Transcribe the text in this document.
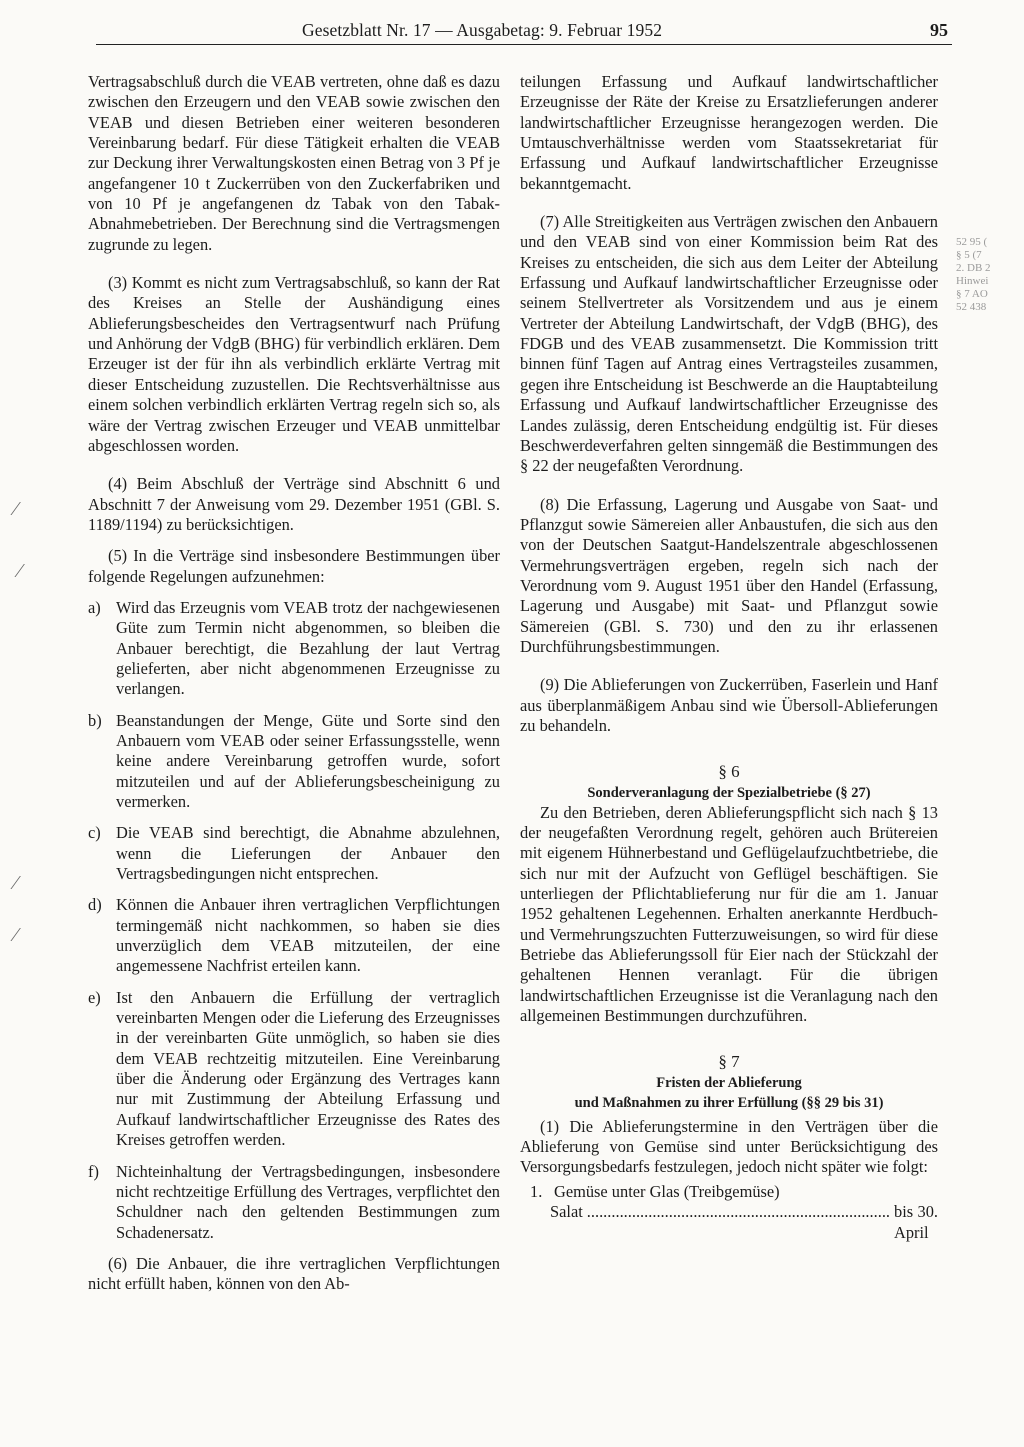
Gesetzblatt Nr. 17 — Ausgabetag: 9. Februar 1952	95

Vertragsabschluß durch die VEAB vertreten, ohne daß es dazu zwischen den Erzeugern und den VEAB sowie zwischen den VEAB und diesen Betrieben einer weiteren besonderen Vereinbarung bedarf. Für diese Tätigkeit erhalten die VEAB zur Deckung ihrer Verwaltungskosten einen Betrag von 3 Pf je angefangener 10 t Zuckerrüben von den Zuckerfabriken und von 10 Pf je angefangenen dz Tabak von den Tabak-Abnahmebetrieben. Der Berechnung sind die Vertragsmengen zugrunde zu legen.

(3) Kommt es nicht zum Vertragsabschluß, so kann der Rat des Kreises an Stelle der Aushändigung eines Ablieferungsbescheides den Vertragsentwurf nach Prüfung und Anhörung der VdgB (BHG) für verbindlich erklären. Dem Erzeuger ist der für ihn als verbindlich erklärte Vertrag mit dieser Entscheidung zuzustellen. Die Rechtsverhältnisse aus einem solchen verbindlich erklärten Vertrag regeln sich so, als wäre der Vertrag zwischen Erzeuger und VEAB unmittelbar abgeschlossen worden.

(4) Beim Abschluß der Verträge sind Abschnitt 6 und Abschnitt 7 der Anweisung vom 29. Dezember 1951 (GBl. S. 1189/1194) zu berücksichtigen.

(5) In die Verträge sind insbesondere Bestimmungen über folgende Regelungen aufzunehmen:

a) Wird das Erzeugnis vom VEAB trotz der nachgewiesenen Güte zum Termin nicht abgenommen, so bleiben die Anbauer berechtigt, die Bezahlung der laut Vertrag gelieferten, aber nicht abgenommenen Erzeugnisse zu verlangen.
b) Beanstandungen der Menge, Güte und Sorte sind den Anbauern vom VEAB oder seiner Erfassungsstelle, wenn keine andere Vereinbarung getroffen wurde, sofort mitzuteilen und auf der Ablieferungsbescheinigung zu vermerken.
c) Die VEAB sind berechtigt, die Abnahme abzulehnen, wenn die Lieferungen der Anbauer den Vertragsbedingungen nicht entsprechen.
d) Können die Anbauer ihren vertraglichen Verpflichtungen termingemäß nicht nachkommen, so haben sie dies unverzüglich dem VEAB mitzuteilen, der eine angemessene Nachfrist erteilen kann.
e) Ist den Anbauern die Erfüllung der vertraglich vereinbarten Mengen oder die Lieferung des Erzeugnisses in der vereinbarten Güte unmöglich, so haben sie dies dem VEAB rechtzeitig mitzuteilen. Eine Vereinbarung über die Änderung oder Ergänzung des Vertrages kann nur mit Zustimmung der Abteilung Erfassung und Aufkauf landwirtschaftlicher Erzeugnisse des Rates des Kreises getroffen werden.
f)	Nichteinhaltung der Vertragsbedingungen, insbesondere nicht rechtzeitige Erfüllung des Vertrages, verpflichtet den Schuldner nach den geltenden Bestimmungen zum Schadenersatz.

(6) Die Anbauer, die ihre vertraglichen Verpflichtungen nicht erfüllt haben, können von den Ab-

teilungen Erfassung und Aufkauf landwirtschaftlicher Erzeugnisse der Räte der Kreise zu Ersatzlieferungen anderer landwirtschaftlicher Erzeugnisse herangezogen werden. Die Umtauschverhältnisse werden vom Staatssekretariat für Erfassung und Aufkauf landwirtschaftlicher Erzeugnisse bekanntgemacht.

(7) Alle Streitigkeiten aus Verträgen zwischen den Anbauern und den VEAB sind von einer Kommission beim Rat des Kreises zu entscheiden, die sich aus dem Leiter der Abteilung Erfassung und Aufkauf landwirtschaftlicher Erzeugnisse oder seinem Stellvertreter als Vorsitzendem und aus je einem Vertreter der Abteilung Landwirtschaft, der VdgB (BHG), des FDGB und des VEAB zusammensetzt. Die Kommission tritt binnen fünf Tagen auf Antrag eines Vertragsteiles zusammen, gegen ihre Entscheidung ist Beschwerde an die Hauptabteilung Erfassung und Aufkauf landwirtschaftlicher Erzeugnisse des Landes zulässig, deren Entscheidung endgültig ist. Für dieses Beschwerdeverfahren gelten sinngemäß die Bestimmungen des § 22 der neugefaßten Verordnung.

(8) Die Erfassung, Lagerung und Ausgabe von Saat- und Pflanzgut sowie Sämereien aller Anbaustufen, die sich aus den von der Deutschen Saatgut-Handelszentrale abgeschlossenen Vermehrungsverträgen ergeben, regeln sich nach der Verordnung vom 9. August 1951 über den Handel (Erfassung, Lagerung und Ausgabe) mit Saat- und Pflanzgut sowie Sämereien (GBl. S. 730) und den zu ihr erlassenen Durchführungsbestimmungen.

(9) Die Ablieferungen von Zuckerrüben, Faserlein und Hanf aus überplanmäßigem Anbau sind wie Übersoll-Ablieferungen zu behandeln.

§ 6
Sonderveranlagung der Spezialbetriebe (§ 27)

Zu den Betrieben, deren Ablieferungspflicht sich nach § 13 der neugefaßten Verordnung regelt, gehören auch Brütereien mit eigenem Hühnerbestand und Geflügelaufzuchtbetriebe, die sich nur mit der Aufzucht von Geflügel beschäftigen. Sie unterliegen der Pflichtablieferung nur für die am 1. Januar 1952 gehaltenen Legehennen. Erhalten anerkannte Herdbuch- und Vermehrungszuchten Futterzuweisungen, so wird für diese Betriebe das Ablieferungssoll für Eier nach der Stückzahl der gehaltenen Hennen veranlagt. Für die übrigen landwirtschaftlichen Erzeugnisse ist die Veranlagung nach den allgemeinen Bestimmungen durchzuführen.

§ 7
Fristen der Ablieferung
und Maßnahmen zu ihrer Erfüllung (§§ 29 bis 31)

(1) Die Ablieferungstermine in den Verträgen über die Ablieferung von Gemüse sind unter Berücksichtigung des Versorgungsbedarfs festzulegen, jedoch nicht später wie folgt:

1. Gemüse unter Glas (Treibgemüse)
Salat .......................................................................... bis 30. April
52 95 (
§ 5 (7
2. DB 2
Hinwei
§ 7 AO
52 438
⁄
⁄
⁄
⁄
